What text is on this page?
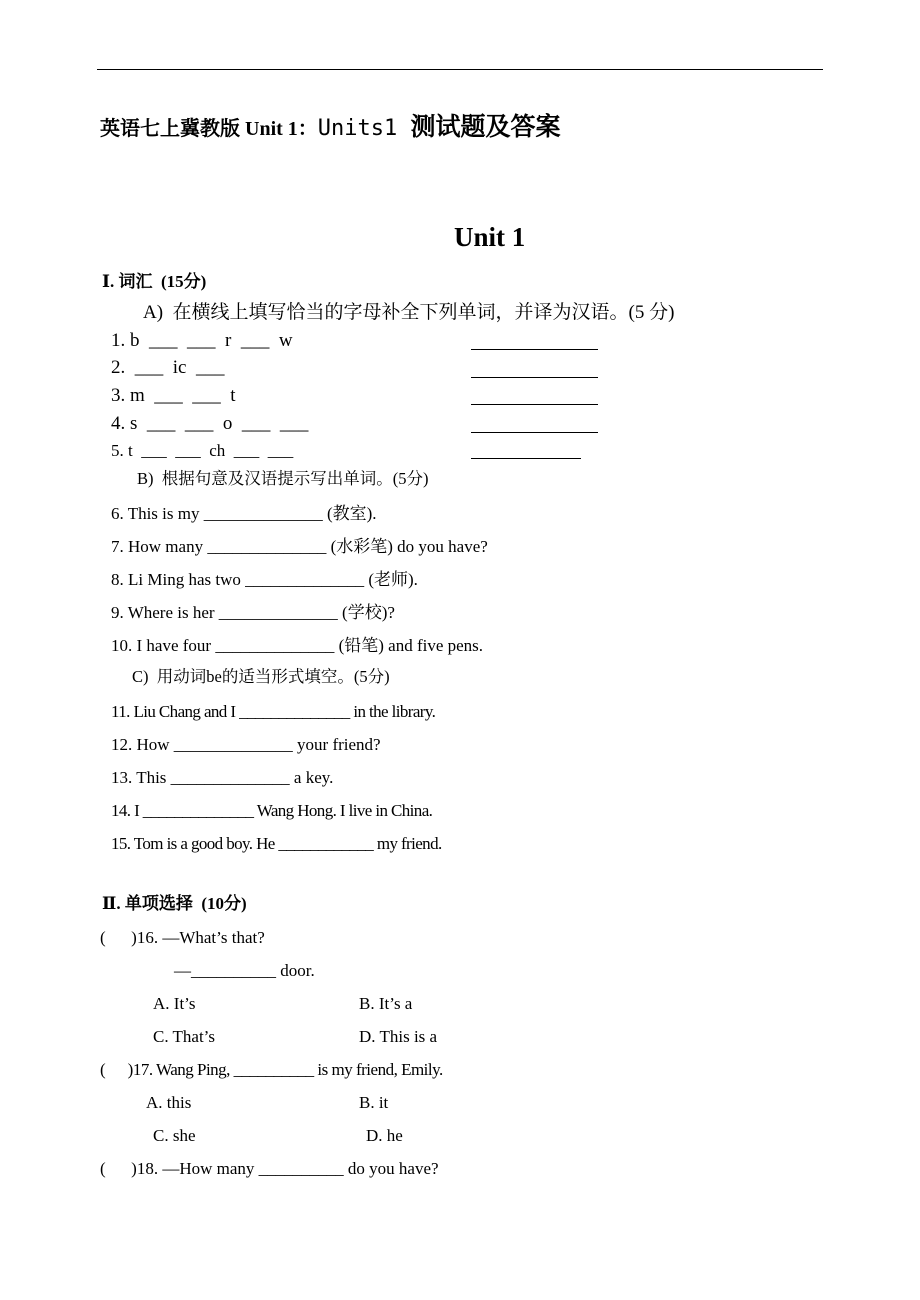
英语七上冀教版 Unit 1：Units1 测试题及答案
Unit 1
Ⅰ. 词汇  (15分)
A)  在横线上填写恰当的字母补全下列单词，并译为汉语。(5 分)
1. b  ___  ___  r  ___  w
2.  ___  ic  ___
3. m  ___  ___  t
4. s  ___  ___  o  ___  ___
5. t  ___  ___  ch  ___  ___
B)  根据句意及汉语提示写出单词。(5分)
6. This is my ______________ (教室).
7. How many ______________ (水彩笔) do you have?
8. Li Ming has two ______________ (老师).
9. Where is her ______________ (学校)?
10. I have four ______________ (铅笔) and five pens.
C)  用动词be的适当形式填空。(5分)
11. Liu Chang and I ______________ in the library.
12. How ______________ your friend?
13. This ______________ a key.
14. I ______________ Wang Hong. I live in China.
15. Tom is a good boy. He ____________ my friend.
Ⅱ. 单项选择  (10分)
(      )16. —What’s that?
—__________ door.
A. It’s	B. It’s a
C. That’s	D. This is a
(      )17. Wang Ping, __________ is my friend, Emily.
A. this	B. it
C. she	D. he
(      )18. —How many __________ do you have?
